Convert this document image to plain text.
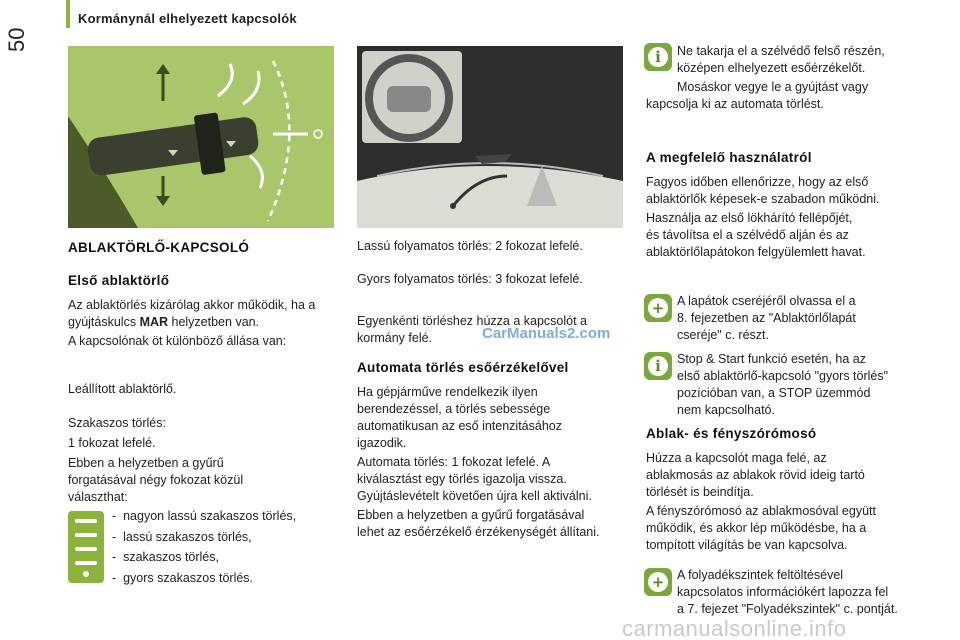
50
Kormánynál elhelyezett kapcsolók
ABLAKTÖRLŐ-KAPCSOLÓ
Első ablaktörlő
Az ablaktörlés kizárólag akkor működik, ha a
gyújtáskulcs MAR helyzetben van.
A kapcsolónak öt különböző állása van:
Leállított ablaktörlő.
Szakaszos törlés:
1 fokozat lefelé.
Ebben a helyzetben a gyűrű
forgatásával négy fokozat közül
választhat:
-  nagyon lassú szakaszos törlés,
-  lassú szakaszos törlés,
-  szakaszos törlés,
-  gyors szakaszos törlés.
Lassú folyamatos törlés: 2 fokozat lefelé.
Gyors folyamatos törlés: 3 fokozat lefelé.
Egyenkénti törléshez húzza a kapcsolót a
kormány felé.	CarManuals2.com
Automata törlés esőérzékelővel
Ha gépjárműve rendelkezik ilyen
berendezéssel, a törlés sebessége
automatikusan az eső intenzitásához
igazodik.
Automata törlés: 1 fokozat lefelé. A
kiválasztást egy törlés igazolja vissza.
Gyújtáslevételt követően újra kell aktiválni.
Ebben a helyzetben a gyűrű forgatásával
lehet az esőérzékelő érzékenységét állítani.
i	Ne takarja el a szélvédő felső részén,
középen elhelyezett esőérzékelőt.
Mosáskor vegye le a gyújtást vagy
kapcsolja ki az automata törlést.
A megfelelő használatról
Fagyos időben ellenőrizze, hogy az első
ablaktörlők képesek-e szabadon működni.
Használja az első lökhárító fellépőjét,
és távolítsa el a szélvédő alján és az
ablaktörlőlapátokon felgyülemlett havat.
+	A lapátok cseréjéről olvassa el a
8. fejezetben az "Ablaktörlőlapát
cseréje" c. részt.
i	Stop & Start funkció esetén, ha az
első ablaktörlő-kapcsoló "gyors törlés"
pozícióban van, a STOP üzemmód
nem kapcsolható.
Ablak- és fényszórómosó
Húzza a kapcsolót maga felé, az
ablakmosás az ablakok rövid ideig tartó
törlését is beindítja.
A fényszórómosó az ablakmosóval együtt
működik, és akkor lép működésbe, ha a
tompított világítás be van kapcsolva.
+	A folyadékszintek feltöltésével
kapcsolatos információkért lapozza fel
a 7. fejezet "Folyadékszintek" c. pontját.
carmanualsonline.info
